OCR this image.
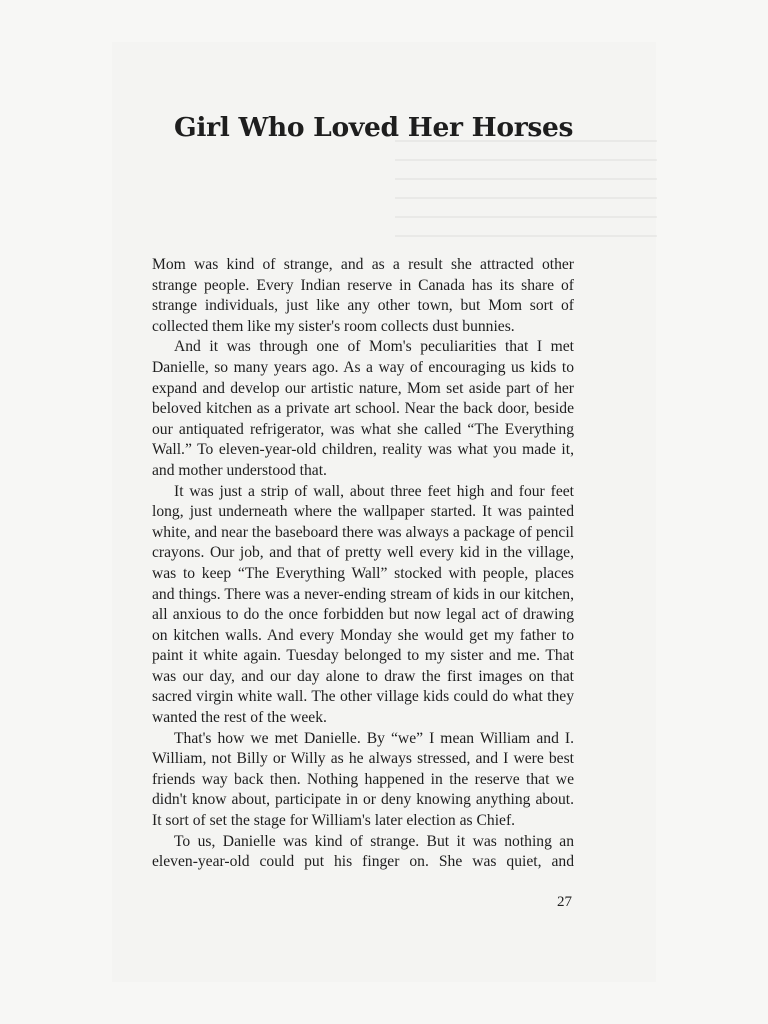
Girl Who Loved Her Horses

Mom was kind of strange, and as a result she attracted other strange people. Every Indian reserve in Canada has its share of strange individuals, just like any other town, but Mom sort of collected them like my sister's room collects dust bunnies.

And it was through one of Mom's peculiarities that I met Danielle, so many years ago. As a way of encouraging us kids to expand and develop our artistic nature, Mom set aside part of her beloved kitchen as a private art school. Near the back door, beside our antiquated refrigerator, was what she called “The Everything Wall.” To eleven-year-old children, reality was what you made it, and mother understood that.

It was just a strip of wall, about three feet high and four feet long, just underneath where the wallpaper started. It was painted white, and near the baseboard there was always a package of pencil crayons. Our job, and that of pretty well every kid in the village, was to keep “The Everything Wall” stocked with people, places and things. There was a never-ending stream of kids in our kitchen, all anxious to do the once forbidden but now legal act of drawing on kitchen walls. And every Monday she would get my father to paint it white again. Tuesday belonged to my sister and me. That was our day, and our day alone to draw the first images on that sacred virgin white wall. The other village kids could do what they wanted the rest of the week.

That's how we met Danielle. By “we” I mean William and I. William, not Billy or Willy as he always stressed, and I were best friends way back then. Nothing happened in the reserve that we didn't know about, participate in or deny knowing anything about. It sort of set the stage for William's later election as Chief.

To us, Danielle was kind of strange. But it was nothing an eleven-year-old could put his finger on. She was quiet, and

27
